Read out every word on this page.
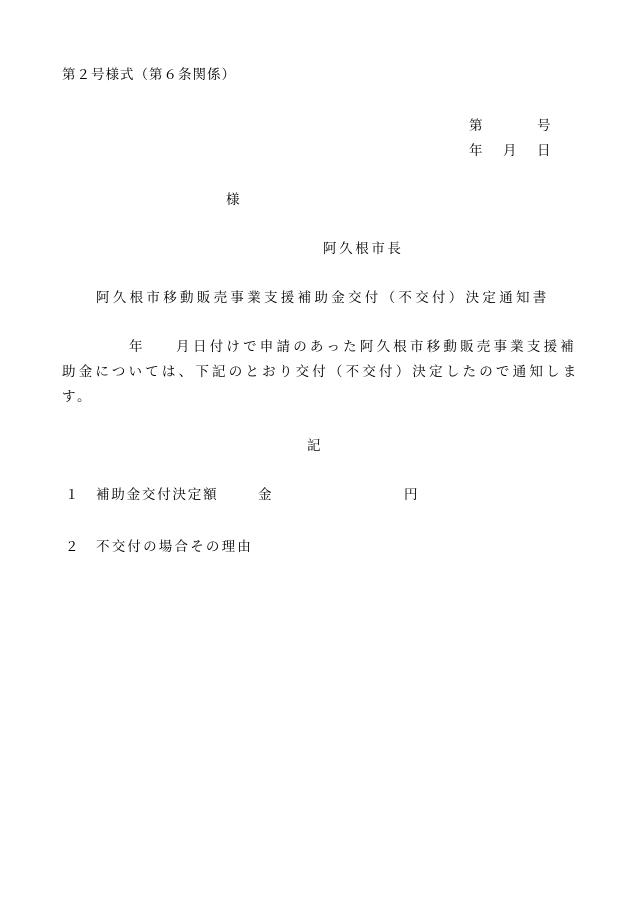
第２号様式（第６条関係）
第	号
年 月 日
様
阿久根市長
阿久根市移動販売事業支援補助金交付（不交付）決定通知書
年 月 日付けで申請のあった阿久根市移動販売事業支援補
助金については、下記のとおり交付（不交付）決定したので通知しま
す。
記
１ 補助金交付決定額	金	円
２ 不交付の場合その理由
